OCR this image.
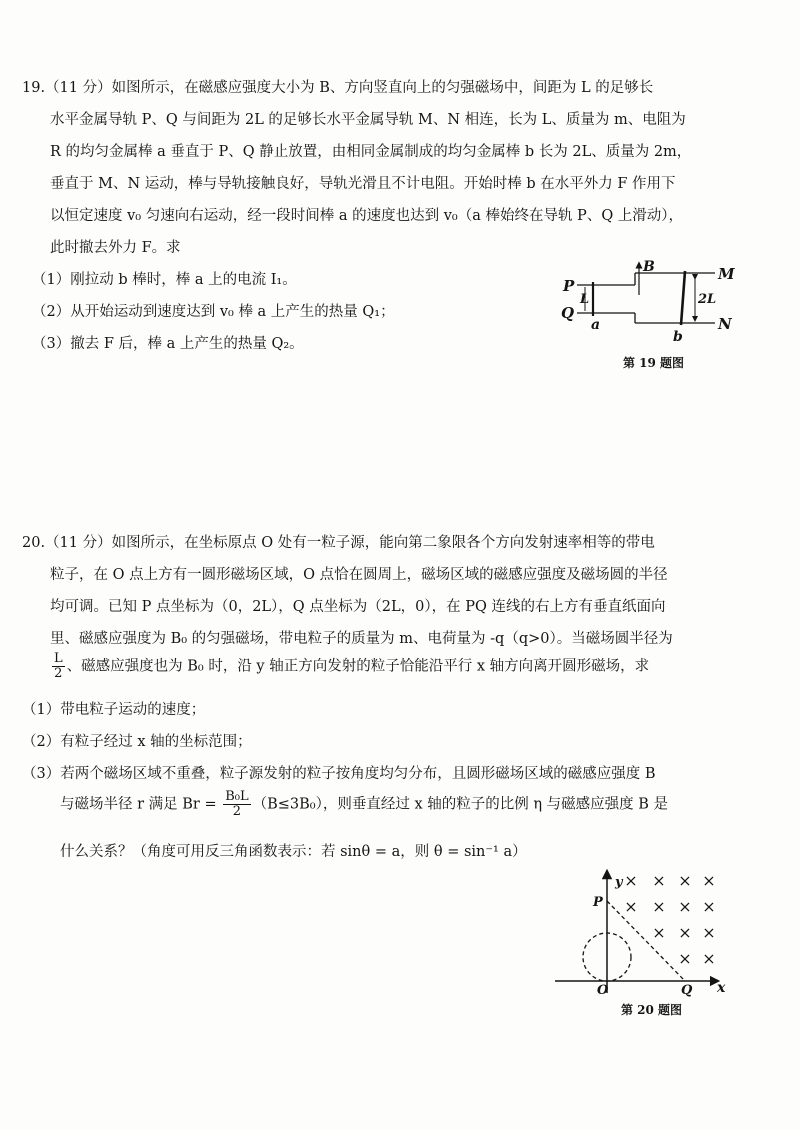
19.（11 分）如图所示，在磁感应强度大小为 B、方向竖直向上的匀强磁场中，间距为 L 的足够长
水平金属导轨 P、Q 与间距为 2L 的足够长水平金属导轨 M、N 相连，长为 L、质量为 m、电阻为
R 的均匀金属棒 a 垂直于 P、Q 静止放置，由相同金属制成的均匀金属棒 b 长为 2L、质量为 2m，
垂直于 M、N 运动，棒与导轨接触良好，导轨光滑且不计电阻。开始时棒 b 在水平外力 F 作用下
以恒定速度 v₀ 匀速向右运动，经一段时间棒 a 的速度也达到 v₀（a 棒始终在导轨 P、Q 上滑动），
此时撤去外力 F。求
（1）刚拉动 b 棒时，棒 a 上的电流 I₁。
（2）从开始运动到速度达到 v₀ 棒 a 上产生的热量 Q₁；
（3）撤去 F 后，棒 a 上产生的热量 Q₂。
P
Q
M
N
B
L	2L
a
b
第 19 题图
20.（11 分）如图所示，在坐标原点 O 处有一粒子源，能向第二象限各个方向发射速率相等的带电
粒子，在 O 点上方有一圆形磁场区域，O 点恰在圆周上，磁场区域的磁感应强度及磁场圆的半径
均可调。已知 P 点坐标为（0，2L），Q 点坐标为（2L，0），在 PQ 连线的右上方有垂直纸面向
里、磁感应强度为 B₀ 的匀强磁场，带电粒子的质量为 m、电荷量为 -q（q>0）。当磁场圆半径为
$\frac{L}{2}$ 、磁感应强度也为 B₀ 时，沿 y 轴正方向发射的粒子恰能沿平行 x 轴方向离开圆形磁场，求
（1）带电粒子运动的速度；
（2）有粒子经过 x 轴的坐标范围；
（3）若两个磁场区域不重叠，粒子源发射的粒子按角度均匀分布，且圆形磁场区域的磁感应强度 B
与磁场半径 r 满足 $Br = \frac{\text{B₀L}}{2} (B\le 3B_0)$，则垂直经过 x 轴的粒子的比例 η 与磁感应强度 B 是
什么关系？（角度可用反三角函数表示：若 sinθ = a，则 θ = sin⁻¹ a）
× × × ×
× × × ×
× × ×
× ×
y
x
P
O	Q
第 20 题图
